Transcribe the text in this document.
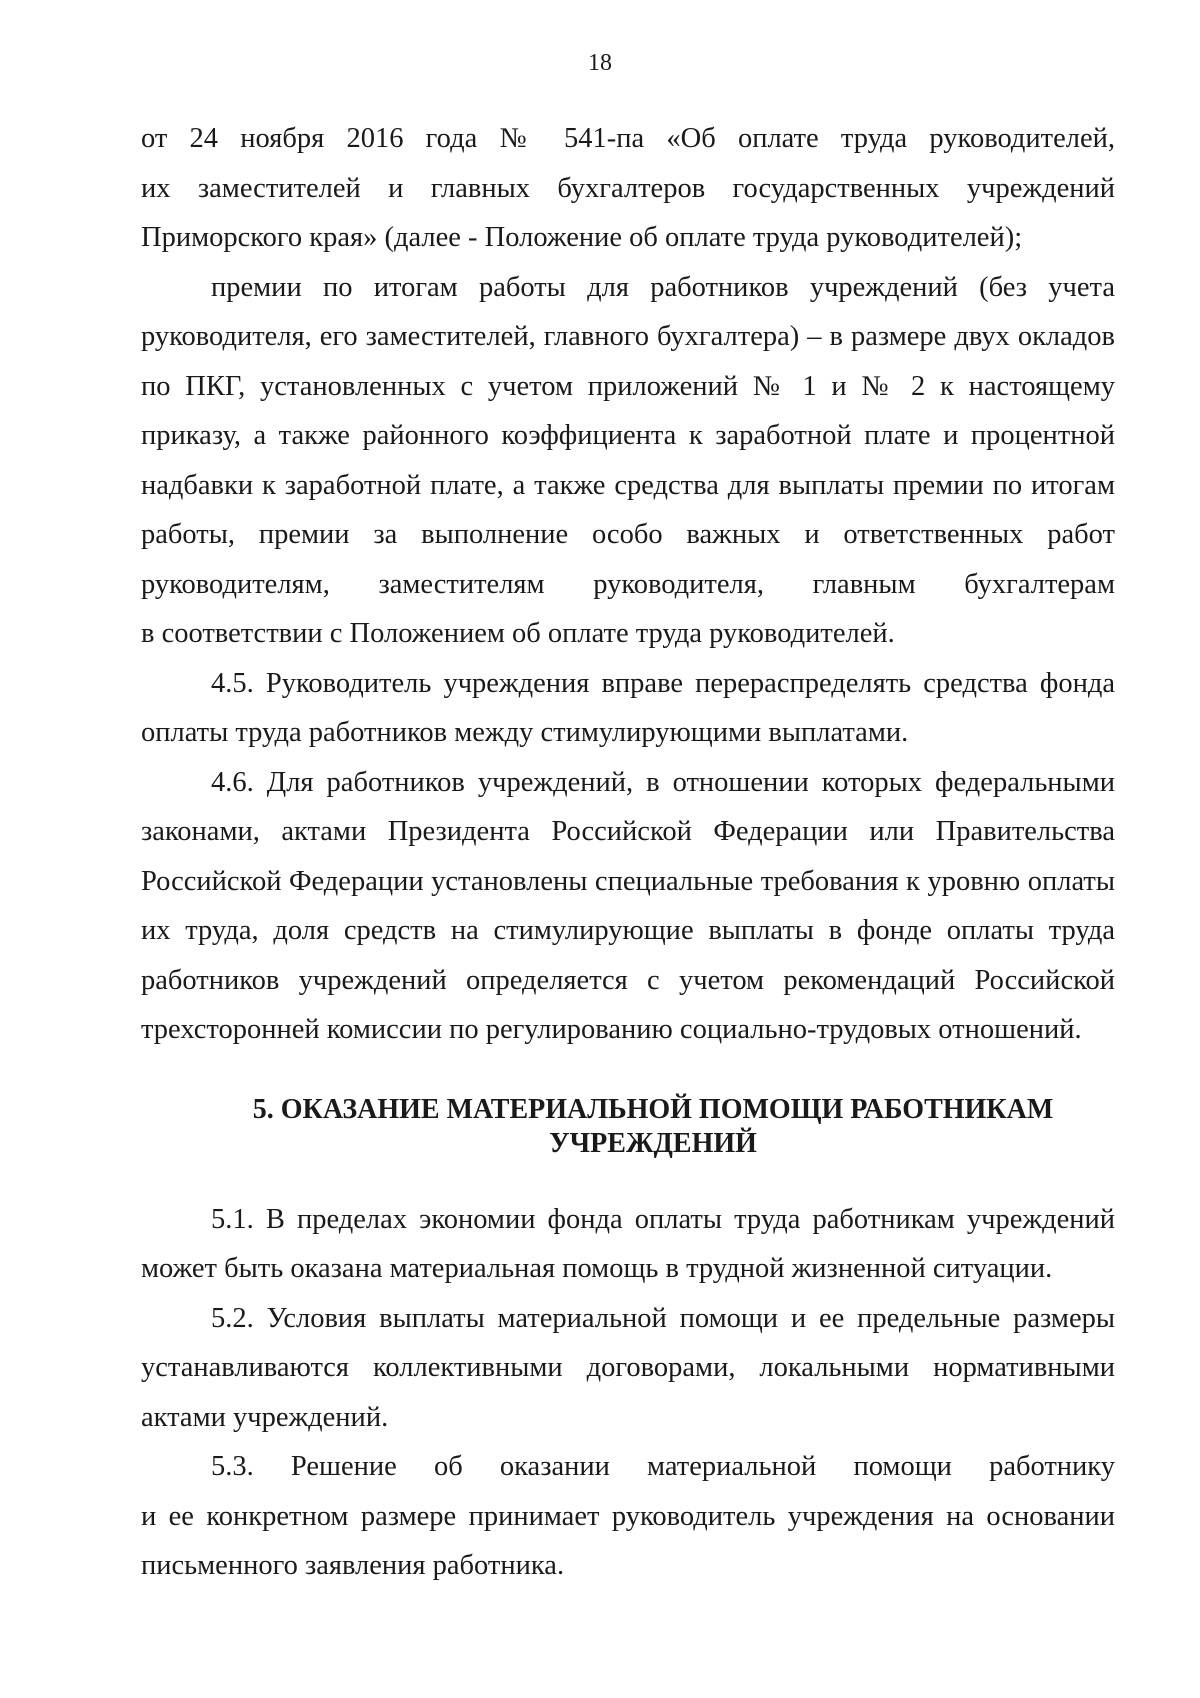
18
от 24 ноября 2016 года № 541-па «Об оплате труда руководителей,
их заместителей и главных бухгалтеров государственных учреждений
Приморского края» (далее - Положение об оплате труда руководителей);
премии по итогам работы для работников учреждений (без учета
руководителя, его заместителей, главного бухгалтера) – в размере двух окладов
по ПКГ, установленных с учетом приложений № 1 и № 2 к настоящему
приказу, а также районного коэффициента к заработной плате и процентной
надбавки к заработной плате, а также средства для выплаты премии по итогам
работы, премии за выполнение особо важных и ответственных работ
руководителям, заместителям руководителя, главным бухгалтерам
в соответствии с Положением об оплате труда руководителей.
4.5. Руководитель учреждения вправе перераспределять средства фонда
оплаты труда работников между стимулирующими выплатами.
4.6. Для работников учреждений, в отношении которых федеральными
законами, актами Президента Российской Федерации или Правительства
Российской Федерации установлены специальные требования к уровню оплаты
их труда, доля средств на стимулирующие выплаты в фонде оплаты труда
работников учреждений определяется с учетом рекомендаций Российской
трехсторонней комиссии по регулированию социально-трудовых отношений.
5. ОКАЗАНИЕ МАТЕРИАЛЬНОЙ ПОМОЩИ РАБОТНИКАМ
УЧРЕЖДЕНИЙ
5.1. В пределах экономии фонда оплаты труда работникам учреждений
может быть оказана материальная помощь в трудной жизненной ситуации.
5.2. Условия выплаты материальной помощи и ее предельные размеры
устанавливаются коллективными договорами, локальными нормативными
актами учреждений.
5.3. Решение об оказании материальной помощи работнику
и ее конкретном размере принимает руководитель учреждения на основании
письменного заявления работника.
